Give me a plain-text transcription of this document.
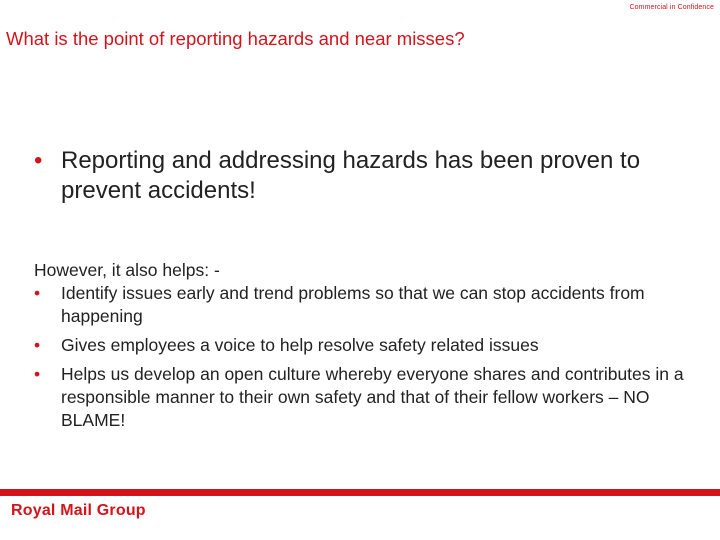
Commercial in Confidence
What is the point of reporting hazards and near misses?
• Reporting and addressing hazards has been proven to prevent accidents!
However, it also helps: -
•	Identify issues early and trend problems so that we can stop accidents from happening
•	Gives employees a voice to help resolve safety related issues
•	Helps us develop an open culture whereby everyone shares and contributes in a responsible manner to their own safety and that of their fellow workers – NO BLAME!
Royal Mail Group
